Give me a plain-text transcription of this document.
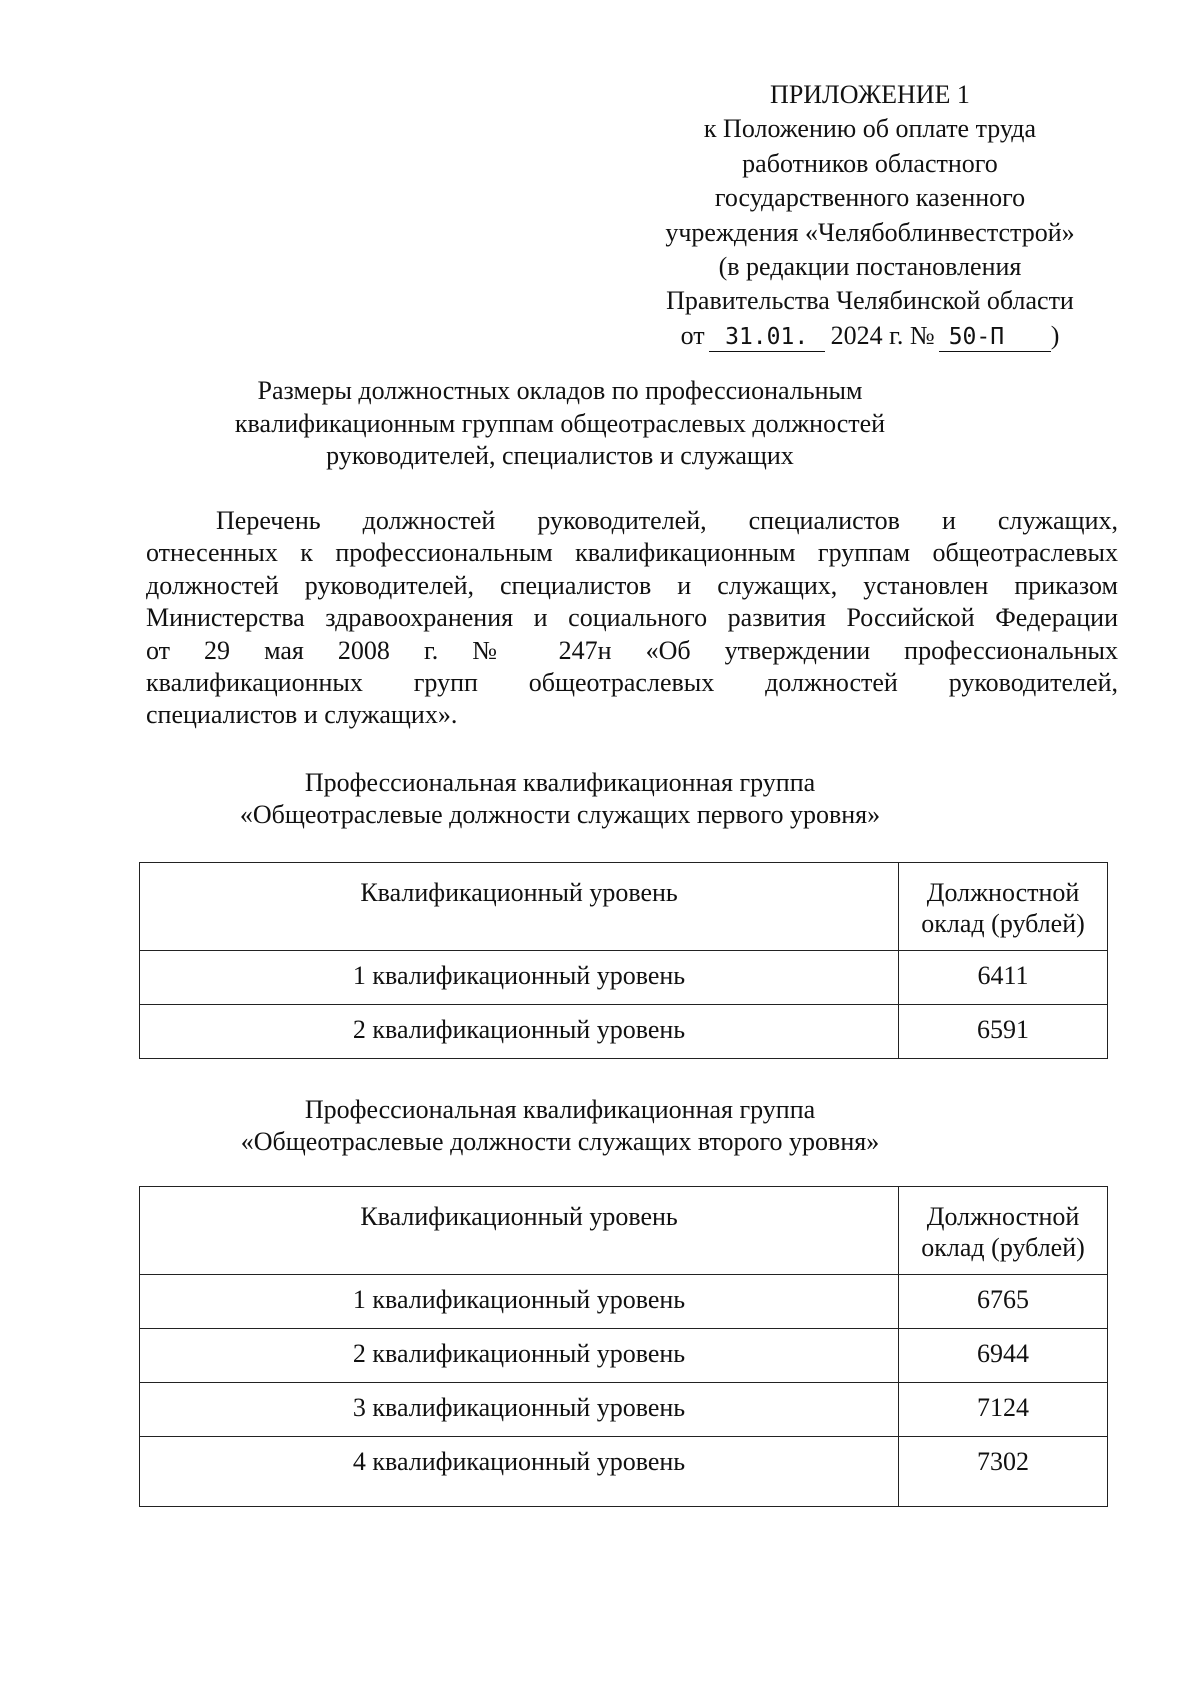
ПРИЛОЖЕНИЕ 1
к Положению об оплате труда
работников областного
государственного казенного
учреждения «Челябоблинвестстрой»
(в редакции постановления
Правительства Челябинской области
от 31.01. 2024 г. № 50-П )
Размеры должностных окладов по профессиональным
квалификационным группам общеотраслевых должностей
руководителей, специалистов и служащих
Перечень должностей руководителей, специалистов и служащих,
отнесенных к профессиональным квалификационным группам общеотраслевых
должностей руководителей, специалистов и служащих, установлен приказом
Министерства здравоохранения и социального развития Российской Федерации
от 29 мая 2008 г. № 247н «Об утверждении профессиональных
квалификационных групп общеотраслевых должностей руководителей,
специалистов и служащих».
Профессиональная квалификационная группа
«Общеотраслевые должности служащих первого уровня»
Квалификационный уровень	Должностной
оклад (рублей)

1 квалификационный уровень	6411
2 квалификационный уровень	6591
Профессиональная квалификационная группа
«Общеотраслевые должности служащих второго уровня»
Квалификационный уровень	Должностной
оклад (рублей)

1 квалификационный уровень	6765
2 квалификационный уровень	6944
3 квалификационный уровень	7124
4 квалификационный уровень	7302
